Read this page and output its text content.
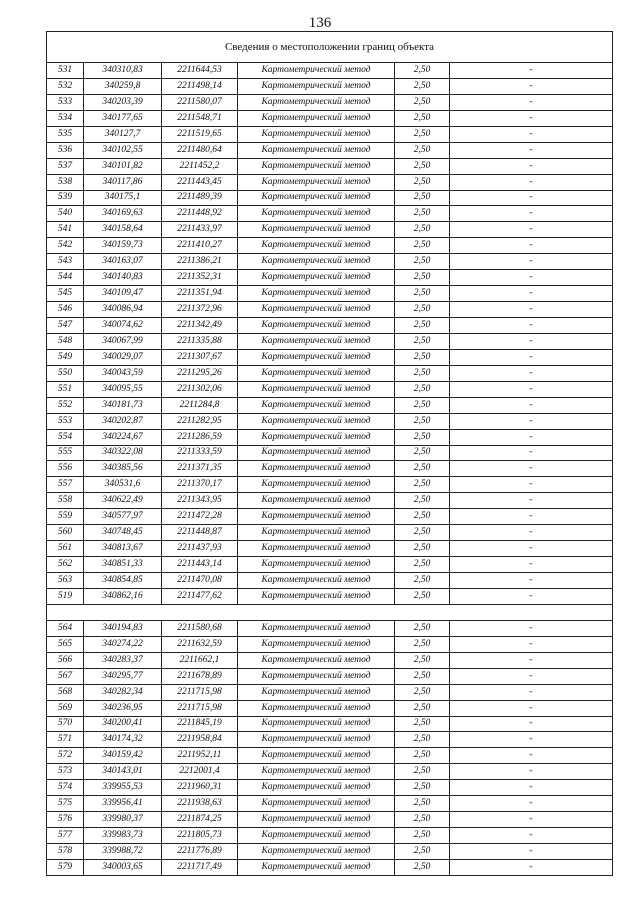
136
Сведения о местоположении границ объекта					
531	340310,83	2211644,53	Картометрический метод	2,50	-
532	340259,8	2211498,14	Картометрический метод	2,50	-
533	340203,39	2211580,07	Картометрический метод	2,50	-
534	340177,65	2211548,71	Картометрический метод	2,50	-
535	340127,7	2211519,65	Картометрический метод	2,50	-
536	340102,55	2211480,64	Картометрический метод	2,50	-
537	340101,82	2211452,2	Картометрический метод	2,50	-
538	340117,86	2211443,45	Картометрический метод	2,50	-
539	340175,1	2211489,39	Картометрический метод	2,50	-
540	340169,63	2211448,92	Картометрический метод	2,50	-
541	340158,64	2211433,97	Картометрический метод	2,50	-
542	340159,73	2211410,27	Картометрический метод	2,50	-
543	340163,07	2211386,21	Картометрический метод	2,50	-
544	340140,83	2211352,31	Картометрический метод	2,50	-
545	340109,47	2211351,94	Картометрический метод	2,50	-
546	340086,94	2211372,96	Картометрический метод	2,50	-
547	340074,62	2211342,49	Картометрический метод	2,50	-
548	340067,99	2211335,88	Картометрический метод	2,50	-
549	340029,07	2211307,67	Картометрический метод	2,50	-
550	340043,59	2211295,26	Картометрический метод	2,50	-
551	340095,55	2211302,06	Картометрический метод	2,50	-
552	340181,73	2211284,8	Картометрический метод	2,50	-
553	340202,87	2211282,95	Картометрический метод	2,50	-
554	340224,67	2211286,59	Картометрический метод	2,50	-
555	340322,08	2211333,59	Картометрический метод	2,50	-
556	340385,56	2211371,35	Картометрический метод	2,50	-
557	340531,6	2211370,17	Картометрический метод	2,50	-
558	340622,49	2211343,95	Картометрический метод	2,50	-
559	340577,97	2211472,28	Картометрический метод	2,50	-
560	340748,45	2211448,87	Картометрический метод	2,50	-
561	340813,67	2211437,93	Картометрический метод	2,50	-
562	340851,33	2211443,14	Картометрический метод	2,50	-
563	340854,85	2211470,08	Картометрический метод	2,50	-
519	340862,16	2211477,62	Картометрический метод	2,50	-

564	340194,83	2211580,68	Картометрический метод	2,50	-
565	340274,22	2211632,59	Картометрический метод	2,50	-
566	340283,37	2211662,1	Картометрический метод	2,50	-
567	340295,77	2211678,89	Картометрический метод	2,50	-
568	340282,34	2211715,98	Картометрический метод	2,50	-
569	340236,95	2211715,98	Картометрический метод	2,50	-
570	340200,41	2211845,19	Картометрический метод	2,50	-
571	340174,32	2211958,84	Картометрический метод	2,50	-
572	340159,42	2211952,11	Картометрический метод	2,50	-
573	340143,01	2212001,4	Картометрический метод	2,50	-
574	339955,53	2211960,31	Картометрический метод	2,50	-
575	339956,41	2211938,63	Картометрический метод	2,50	-
576	339980,37	2211874,25	Картометрический метод	2,50	-
577	339983,73	2211805,73	Картометрический метод	2,50	-
578	339988,72	2211776,89	Картометрический метод	2,50	-
579	340003,65	2211717,49	Картометрический метод	2,50	-
